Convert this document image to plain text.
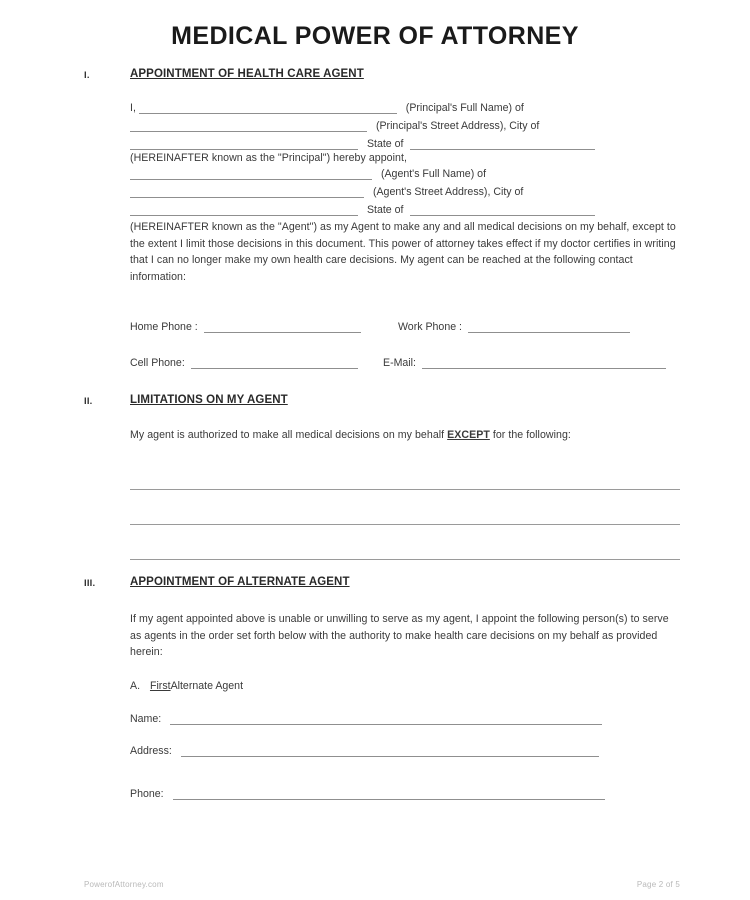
MEDICAL POWER OF ATTORNEY
I.	APPOINTMENT OF HEALTH CARE AGENT
I,	(Principal's Full Name) of
(Principal's Street Address), City of
State of

(HEREINAFTER known as the "Principal") hereby appoint,

(Agent's Full Name) of
(Agent's Street Address), City of
State of

(HEREINAFTER known as the "Agent") as my Agent to make any and all medical decisions on my behalf, except to the extent I limit those decisions in this document. This power of attorney takes effect if my doctor certifies in writing that I can no longer make my own health care decisions. My agent can be reached at the following contact information:

Home Phone :	Work Phone :
Cell Phone:	E-Mail:
II.	LIMITATIONS ON MY AGENT

My agent is authorized to make all medical decisions on my behalf EXCEPT for the following:

III.	APPOINTMENT OF ALTERNATE AGENT

If my agent appointed above is unable or unwilling to serve as my agent, I appoint the following person(s) to serve as agents in the order set forth below with the authority to make health care decisions on my behalf as provided herein:

A. FirstAlternate Agent
Name:
Address:
Phone:
PowerofAttorney.com	Page 2 of 5
